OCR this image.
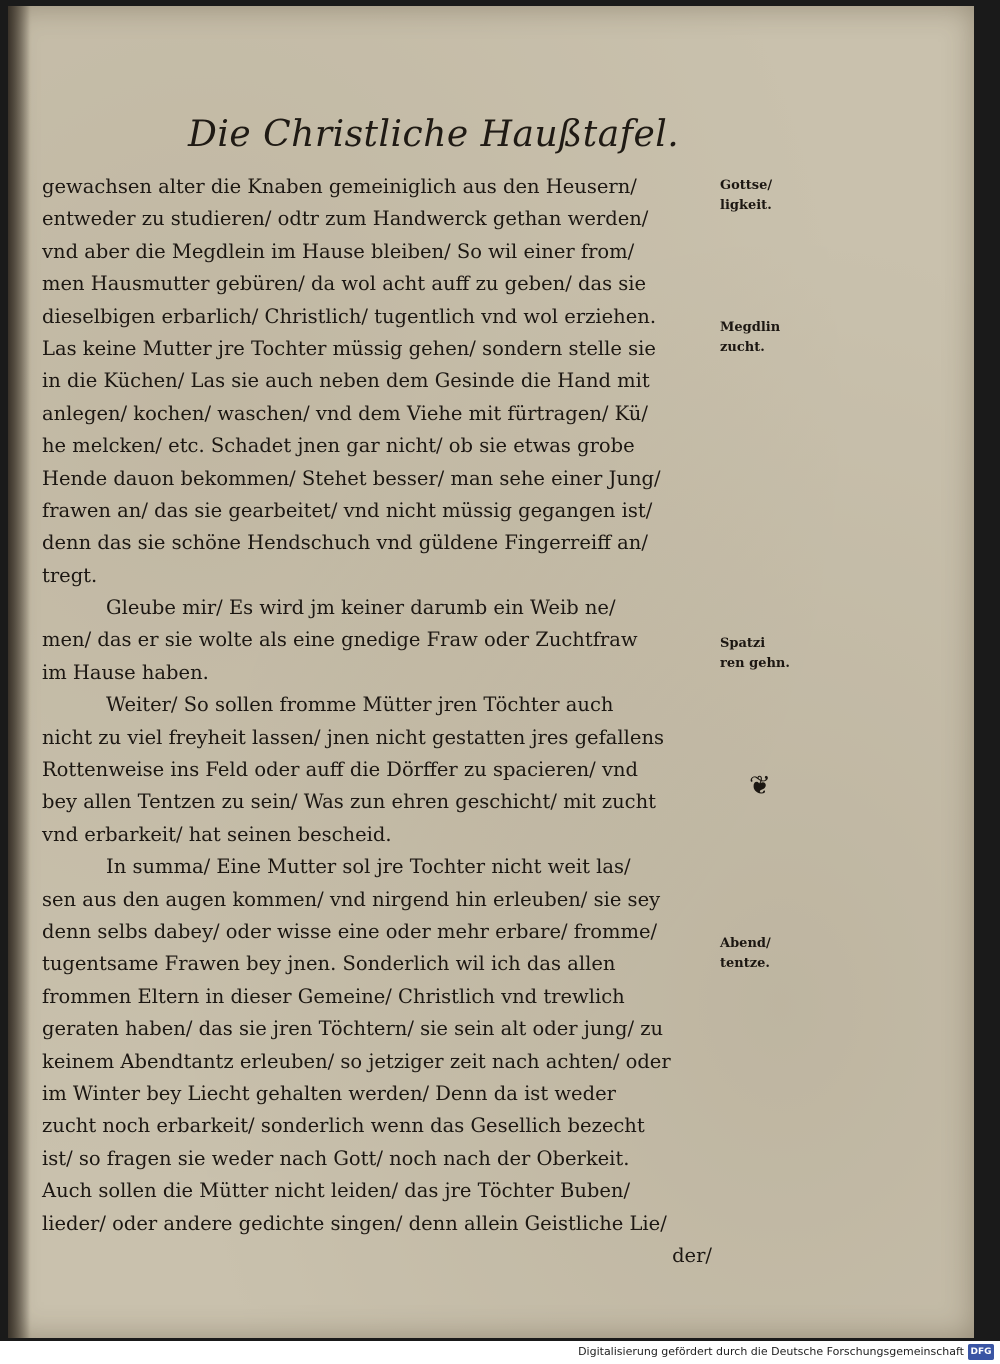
Die Christliche Haußtafel.
gewachsen alter die Knaben gemeiniglich aus den Heusern/
entweder zu studieren/ odtr zum Handwerck gethan werden/
vnd aber die Megdlein im Hause bleiben/ So wil einer from/
men Hausmutter gebüren/ da wol acht auff zu geben/ das sie
dieselbigen erbarlich/ Christlich/ tugentlich vnd wol erziehen.
Las keine Mutter jre Tochter müssig gehen/ sondern stelle sie
in die Küchen/ Las sie auch neben dem Gesinde die Hand mit
anlegen/ kochen/ waschen/ vnd dem Viehe mit fürtragen/ Kü/
he melcken/ etc. Schadet jnen gar nicht/ ob sie etwas grobe
Hende dauon bekommen/ Stehet besser/ man sehe einer Jung/
frawen an/ das sie gearbeitet/ vnd nicht müssig gegangen ist/
denn das sie schöne Hendschuch vnd güldene Fingerreiff an/
tregt.
Gleube mir/ Es wird jm keiner darumb ein Weib ne/
men/ das er sie wolte als eine gnedige Fraw oder Zuchtfraw
im Hause haben.
Weiter/ So sollen fromme Mütter jren Töchter auch
nicht zu viel freyheit lassen/ jnen nicht gestatten jres gefallens
Rottenweise ins Feld oder auff die Dörffer zu spacieren/ vnd
bey allen Tentzen zu sein/ Was zun ehren geschicht/ mit zucht
vnd erbarkeit/ hat seinen bescheid.
In summa/ Eine Mutter sol jre Tochter nicht weit las/
sen aus den augen kommen/ vnd nirgend hin erleuben/ sie sey
denn selbs dabey/ oder wisse eine oder mehr erbare/ fromme/
tugentsame Frawen bey jnen. Sonderlich wil ich das allen
frommen Eltern in dieser Gemeine/ Christlich vnd trewlich
geraten haben/ das sie jren Töchtern/ sie sein alt oder jung/ zu
keinem Abendtantz erleuben/ so jetziger zeit nach achten/ oder
im Winter bey Liecht gehalten werden/ Denn da ist weder
zucht noch erbarkeit/ sonderlich wenn das Gesellich bezecht
ist/ so fragen sie weder nach Gott/ noch nach der Oberkeit.
Auch sollen die Mütter nicht leiden/ das jre Töchter Buben/
lieder/ oder andere gedichte singen/ denn allein Geistliche Lie/
der/
Gottse/
ligkeit.
Megdlin
zucht.
Spatzi
ren gehn.
Abend/
tentze.
❦
Digitalisierung gefördert durch die Deutsche Forschungsgemeinschaft DFG
